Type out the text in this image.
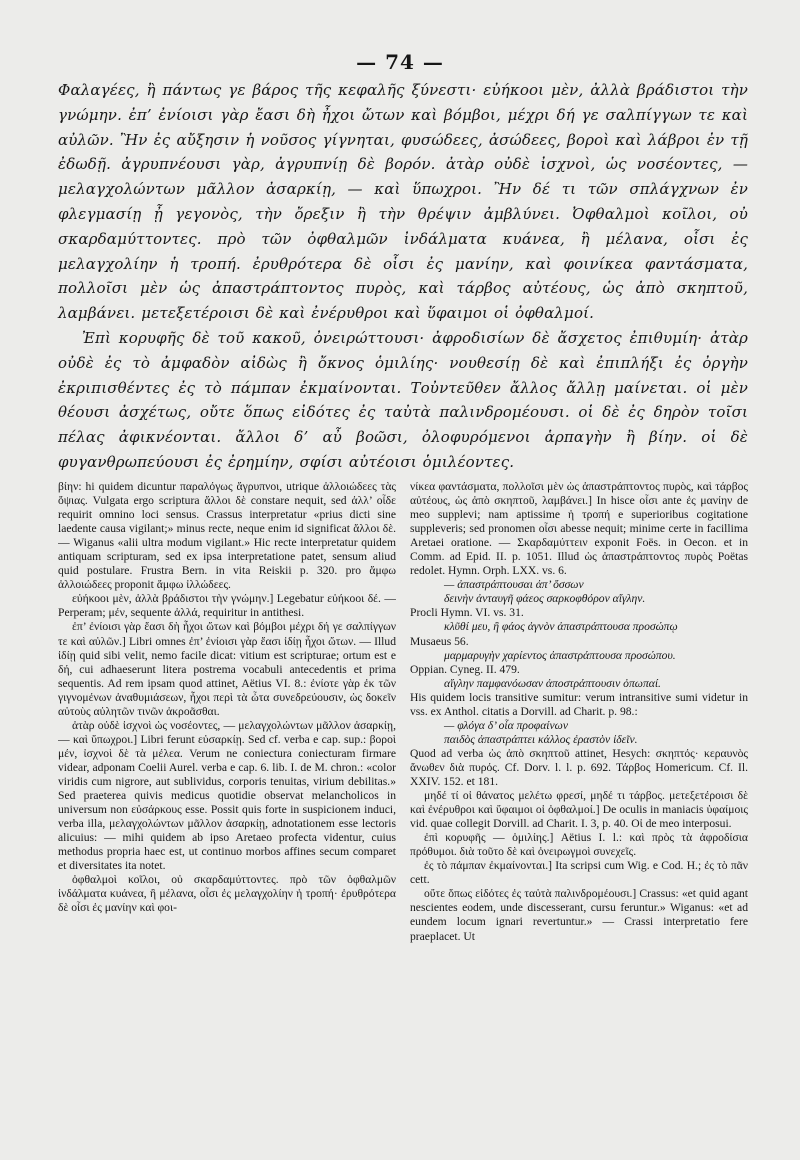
— 74 —

Φαλαγέες, ἢ πάντως γε βάρος τῆς κεφαλῆς ξύνεστι· εὐήκοοι μὲν, ἀλλὰ βράδιστοι τὴν γνώμην. ἐπ’ ἐνίοισι γὰρ ἔασι δὴ ἦχοι ὤτων καὶ βόμβοι, μέχρι δή γε σαλπίγγων τε καὶ αὐλῶν. Ἢν ἐς αὔξησιν ἡ νοῦσος γίγνηται, φυσώδεες, ἀσώδεες, βοροὶ καὶ λάβροι ἐν τῇ ἐδωδῇ. ἀγρυπνέουσι γὰρ, ἀγρυπνίῃ δὲ βορόν. ἀτὰρ οὐδὲ ἰσχνοὶ, ὡς νοσέοντες, — μελαγχολώντων μᾶλλον ἀσαρκίῃ, — καὶ ὕπωχροι. Ἢν δέ τι τῶν σπλάγχνων ἐν φλεγμασίῃ ᾖ γεγονὸς, τὴν ὄρεξιν ἢ τὴν θρέψιν ἀμβλύνει. Ὀφθαλμοὶ κοῖλοι, οὐ σκαρδαμύττοντες. πρὸ τῶν ὀφθαλμῶν ἰνδάλματα κυάνεα, ἢ μέλανα, οἷσι ἐς μελαγχολίην ἡ τροπή. ἐρυθρότερα δὲ οἷσι ἐς μανίην, καὶ φοινίκεα φαντάσματα, πολλοῖσι μὲν ὡς ἀπαστράπτοντος πυρὸς, καὶ τάρβος αὐτέους, ὡς ἀπὸ σκηπτοῦ, λαμβάνει. μετεξετέροισι δὲ καὶ ἐνέρυθροι καὶ ὕφαιμοι οἱ ὀφθαλμοί.

Ἐπὶ κορυφῆς δὲ τοῦ κακοῦ, ὀνειρώττουσι· ἀφροδισίων δὲ ἄσχετος ἐπιθυμίη· ἀτὰρ οὐδὲ ἐς τὸ ἀμφαδὸν αἰδὼς ἢ ὄκνος ὁμιλίης· νουθεσίῃ δὲ καὶ ἐπιπλήξι ἐς ὀργὴν ἐκριπισθέντες ἐς τὸ πάμπαν ἐκμαίνονται. Τοὐντεῦθεν ἄλλος ἄλλῃ μαίνεται. οἱ μὲν θέουσι ἀσχέτως, οὔτε ὅπως εἰδότες ἐς ταὐτὰ παλινδρομέουσι. οἱ δὲ ἐς δηρὸν τοῖσι πέλας ἀφικνέονται. ἄλλοι δ’ αὖ βοῶσι, ὀλοφυρόμενοι ἁρπαγὴν ἢ βίην. οἱ δὲ φυγανθρωπεύουσι ἐς ἐρημίην, σφίσι αὐτέοισι ὁμιλέοντες.

βίην: hi quidem dicuntur παραλόγως ἄγρυπνοι, utrique ἀλλοιώδεες τὰς ὄψιας. Vulgata ergo scriptura ἄλλοι δὲ constare nequit, sed ἀλλ’ οἷδε requirit omnino loci sensus. Crassus interpretatur «prius dicti sine laedente causa vigilant;» minus recte, neque enim id significat ἄλλοι δὲ. — Wiganus «alii ultra modum vigilant.» Hic recte interpretatur quidem antiquam scripturam, sed ex ipsa interpretatione patet, sensum aliud quid postulare. Frustra Bern. in vita Reiskii p. 320. pro ἄμφω ἀλλοιώδεες proponit ἄμφω ἰλλώδεες.

εὐήκοοι μὲν, ἀλλὰ βράδιστοι τὴν γνώμην.] Legebatur εὐήκοοι δέ. — Perperam; μέν, sequente ἀλλά, requiritur in antithesi.

ἐπ’ ἐνίοισι γὰρ ἔασι δὴ ἦχοι ὤτων καὶ βόμβοι μέχρι δή γε σαλπίγγων τε καὶ αὐλῶν.] Libri omnes ἐπ’ ἐνίοισι γὰρ ἔασι ἰδίῃ ἦχοι ὤτων. — Illud ἰδίῃ quid sibi velit, nemo facile dicat: vitium est scripturae; ortum est e δή, cui adhaeserunt litera postrema vocabuli antecedentis et prima sequentis. Ad rem ipsam quod attinet, Aëtius VI. 8.: ἐνίοτε γὰρ ἐκ τῶν γιγνομένων ἀναθυμιάσεων, ἦχοι περὶ τὰ ὦτα συνεδρεύουσιν, ὡς δοκεῖν αὐτοὺς αὐλητῶν τινῶν ἀκροᾶσθαι.

ἀτὰρ οὐδὲ ἰσχνοὶ ὡς νοσέοντες, — μελαγχολώντων μᾶλλον ἀσαρκίῃ, — καὶ ὕπωχροι.] Libri ferunt εὐσαρκίῃ. Sed cf. verba e cap. sup.: βοροὶ μέν, ἰσχνοὶ δὲ τὰ μέλεα. Verum ne coniectura coniecturam firmare videar, adponam Coelii Aurel. verba e cap. 6. lib. I. de M. chron.: «color viridis cum nigrore, aut sublividus, corporis tenuitas, virium debilitas.» Sed praeterea quivis medicus quotidie observat melancholicos in universum non εὐσάρκους esse. Possit quis forte in suspicionem induci, verba illa, μελαγχολώντων μᾶλλον ἀσαρκίῃ, adnotationem esse lectoris alicuius: — mihi quidem ab ipso Aretaeo profecta videntur, cuius methodus propria haec est, ut continuo morbos affines secum comparet et diversitates ita notet.

ὀφθαλμοὶ κοῖλοι, οὐ σκαρδαμύττοντες. πρὸ τῶν ὀφθαλμῶν ἰνδάλματα κυάνεα, ἢ μέλανα, οἷσι ἐς μελαγχολίην ἡ τροπή· ἐρυθρότερα δὲ οἷσι ἐς μανίην καὶ φοι-

νίκεα φαντάσματα, πολλοῖσι μὲν ὡς ἀπαστράπτοντος πυρὸς, καὶ τάρβος αὐτέους, ὡς ἀπὸ σκηπτοῦ, λαμβάνει.] In hisce οἷσι ante ἐς μανίην de meo supplevi; nam aptissime ἡ τροπή e superioribus cogitatione suppleveris; sed pronomen οἷσι abesse nequit; minime certe in facillima Aretaei oratione. — Σκαρδαμύττειν exponit Foës. in Oecon. et in Comm. ad Epid. II. p. 1051. Illud ὡς ἀπαστράπτοντος πυρὸς Poëtas redolet. Hymn. Orph. LXX. vs. 6.

— ἀπαστράπτουσαι ἀπ’ ὄσσων

δεινὴν ἀνταυγῆ φάεος σαρκοφθόρον αἴγλην.

Procli Hymn. VI. vs. 31.

κλῦθί μευ, ἢ φάος ἁγνὸν ἀπαστράπτουσα προσώπῳ

Musaeus 56.

μαρμαρυγὴν χαρίεντος ἀπαστράπτουσα προσώπου.

Oppian. Cyneg. II. 479.

αἴγλην παμφανόωσαν ἀποστράπτουσιν ὀπωπαί.

His quidem locis transitive sumitur: verum intransitive sumi videtur in vss. ex Anthol. citatis a Dorvill. ad Charit. p. 98.:

— φλόγα δ’ οἷα προφαίνων

παιδὸς ἀπαστράπτει κάλλος ἐραστὸν ἰδεῖν.

Quod ad verba ὡς ἀπὸ σκηπτοῦ attinet, Hesych: σκηπτός· κεραυνὸς ἄνωθεν διὰ πυρός. Cf. Dorv. l. l. p. 692. Τάρβος Homericum. Cf. Il. XXIV. 152. et 181.

μηδέ τί οἱ θάνατος μελέτω φρεσί, μηδέ τι τάρβος. μετεξετέροισι δὲ καὶ ἐνέρυθροι καὶ ὕφαιμοι οἱ ὀφθαλμοί.] De oculis in maniacis ὑφαίμοις vid. quae collegit Dorvill. ad Charit. I. 3, p. 40. Οἱ de meo interposui.

ἐπὶ κορυφῆς — ὁμιλίης.] Aëtius I. l.: καὶ πρὸς τὰ ἀφροδίσια πρόθυμοι. διὰ τοῦτο δὲ καὶ ὀνειρωγμοὶ συνεχεῖς.

ἐς τὸ πάμπαν ἐκμαίνονται.] Ita scripsi cum Wig. e Cod. H.; ἐς τὸ πᾶν cett.

οὔτε ὅπως εἰδότες ἐς ταὐτὰ παλινδρομέουσι.] Crassus: «et quid agant nescientes eodem, unde discesserant, cursu feruntur.» Wiganus: «et ad eundem locum ignari revertuntur.» — Crassi interpretatio fere praeplacet. Ut
